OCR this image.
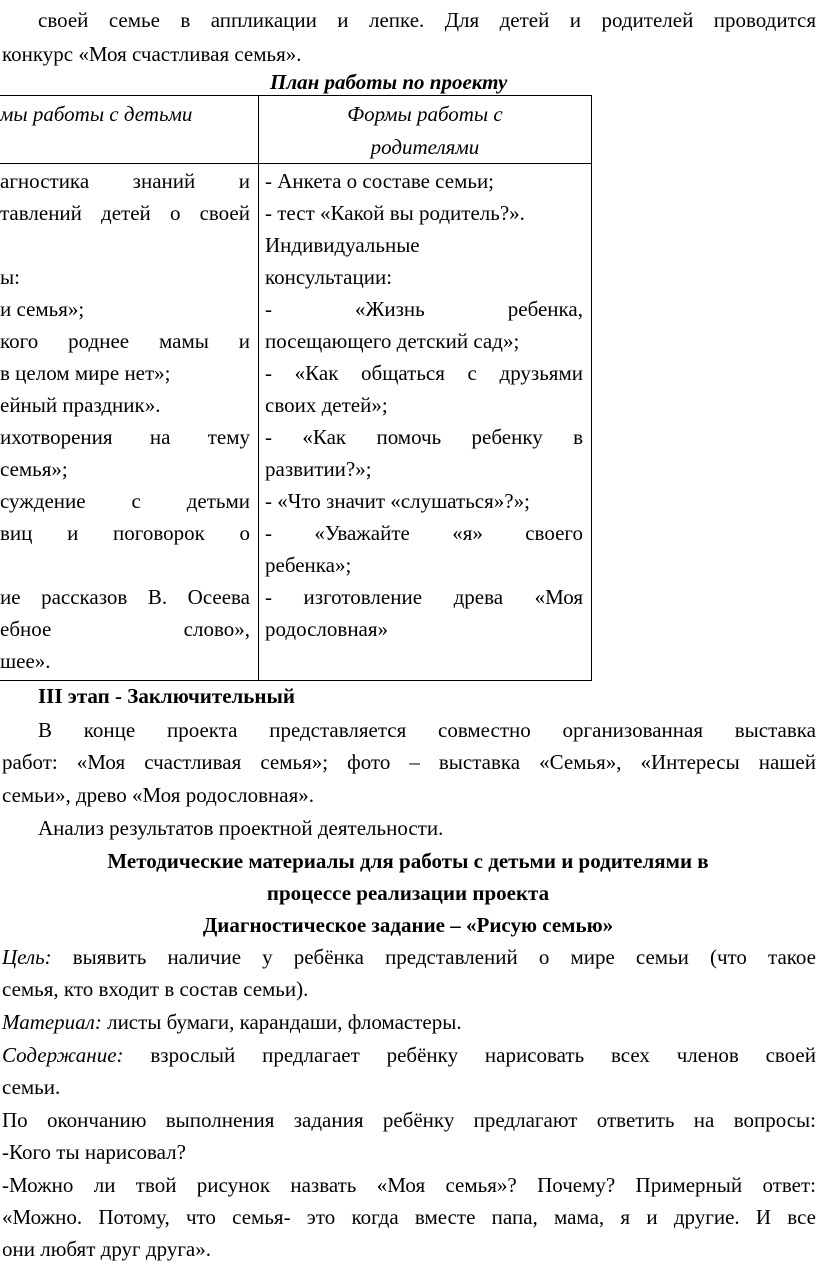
своей семье в аппликации и лепке. Для детей и родителей проводится
конкурс «Моя счастливая семья».
План работы по проекту
мы работы с детьми	Формы работы с
родителями
агностика знаний и
тавлений детей о своей
ы:
и семья»;
кого роднее мамы и
в целом мире нет»;
ейный праздник».
ихотворения на тему
семья»;
суждение с детьми
виц и поговорок о
ие рассказов В. Осеева
ебное слово»,
шее».
- Анкета о составе семьи;
- тест «Какой вы родитель?».
Индивидуальные
консультации:
- «Жизнь ребенка,
посещающего детский сад»;
- «Как общаться с друзьями
своих детей»;
- «Как помочь ребенку в
развитии?»;
- «Что значит «слушаться»?»;
- «Уважайте «я» своего
ребенка»;
- изготовление древа «Моя
родословная»
III этап - Заключительный
В конце проекта представляется совместно организованная выставка
работ: «Моя счастливая семья»; фото – выставка «Семья», «Интересы нашей
семьи», древо «Моя родословная».
Анализ результатов проектной деятельности.
Методические материалы для работы с детьми и родителями в
процессе реализации проекта
Диагностическое задание – «Рисую семью»
Цель: выявить наличие у ребёнка представлений о мире семьи (что такое
семья, кто входит в состав семьи).
Материал: листы бумаги, карандаши, фломастеры.
Содержание: взрослый предлагает ребёнку нарисовать всех членов своей
семьи.
По окончанию выполнения задания ребёнку предлагают ответить на вопросы:
-Кого ты нарисовал?
-Можно ли твой рисунок назвать «Моя семья»? Почему? Примерный ответ:
«Можно. Потому, что семья- это когда вместе папа, мама, я и другие. И все
они любят друг друга».
